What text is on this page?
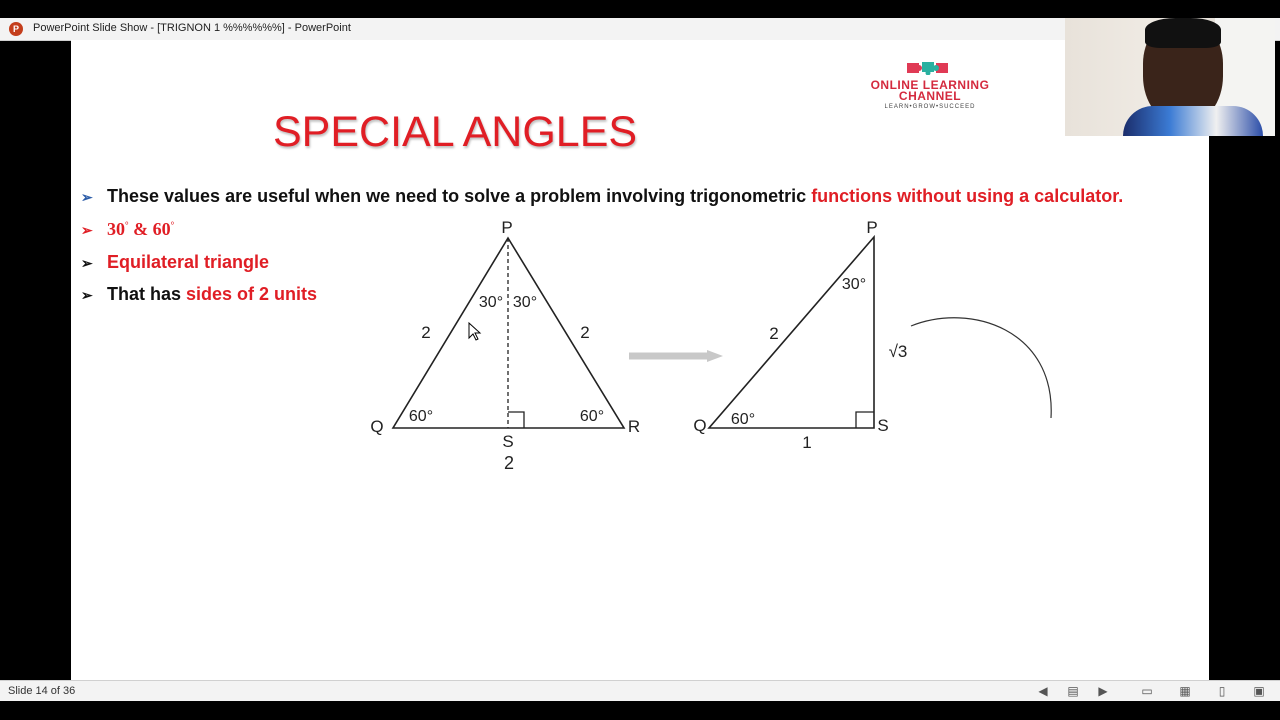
P	PowerPoint Slide Show - [TRIGNON 1 %%%%%%] - PowerPoint
ONLINE LEARNING
CHANNEL
LEARN•GROW•SUCCEED
SPECIAL ANGLES
➢ These values are useful when we need to solve a problem involving trigonometric functions without using a calculator.
➢ 30° & 60°
➢ Equilateral triangle
➢ That has sides of 2 units
P
Q	R
S
2	2
2
30° 30°
60°	60°
P
Q	S
2
√3
1
30°
60°
Slide 14 of 36	◀ ▤ ▶	▭ ▦	▯	▣
